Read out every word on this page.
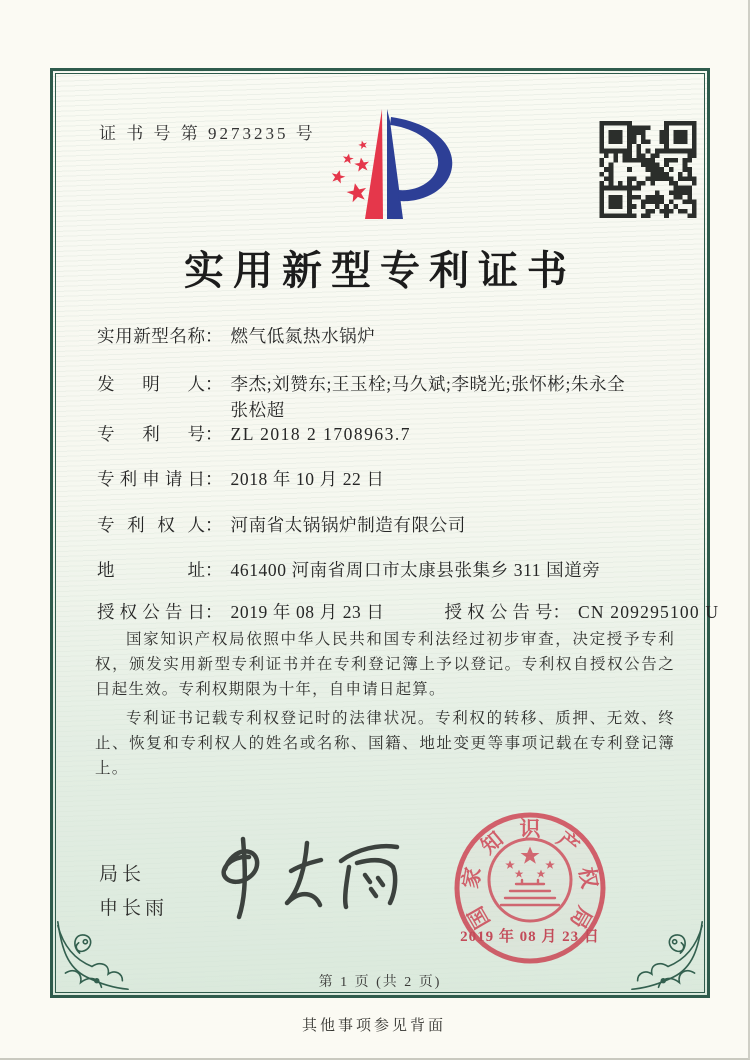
证 书 号 第 9273235 号
实用新型专利证书
实用新型名称 ： 燃气低氮热水锅炉
发明人 ： 李杰;刘赞东;王玉栓;马久斌;李晓光;张怀彬;朱永全
张松超
专利号 ： ZL 2018 2 1708963.7
专利申请日 ： 2018 年 10 月 22 日
专利权人 ： 河南省太锅锅炉制造有限公司
地址 ： 461400 河南省周口市太康县张集乡 311 国道旁
授权公告日 ： 2019 年 08 月 23 日	授权公告号 ： CN 209295100 U

国家知识产权局依照中华人民共和国专利法经过初步审查，决定授予专利权，颁发实用新型专利证书并在专利登记簿上予以登记。专利权自授权公告之日起生效。专利权期限为十年，自申请日起算。

专利证书记载专利权登记时的法律状况。专利权的转移、质押、无效、终止、恢复和专利权人的姓名或名称、国籍、地址变更等事项记载在专利登记簿上。

局长
申长雨	国
家
知 识 产
权
局
2019 年 08 月 23 日
第 1 页 (共 2 页)
其他事项参见背面
